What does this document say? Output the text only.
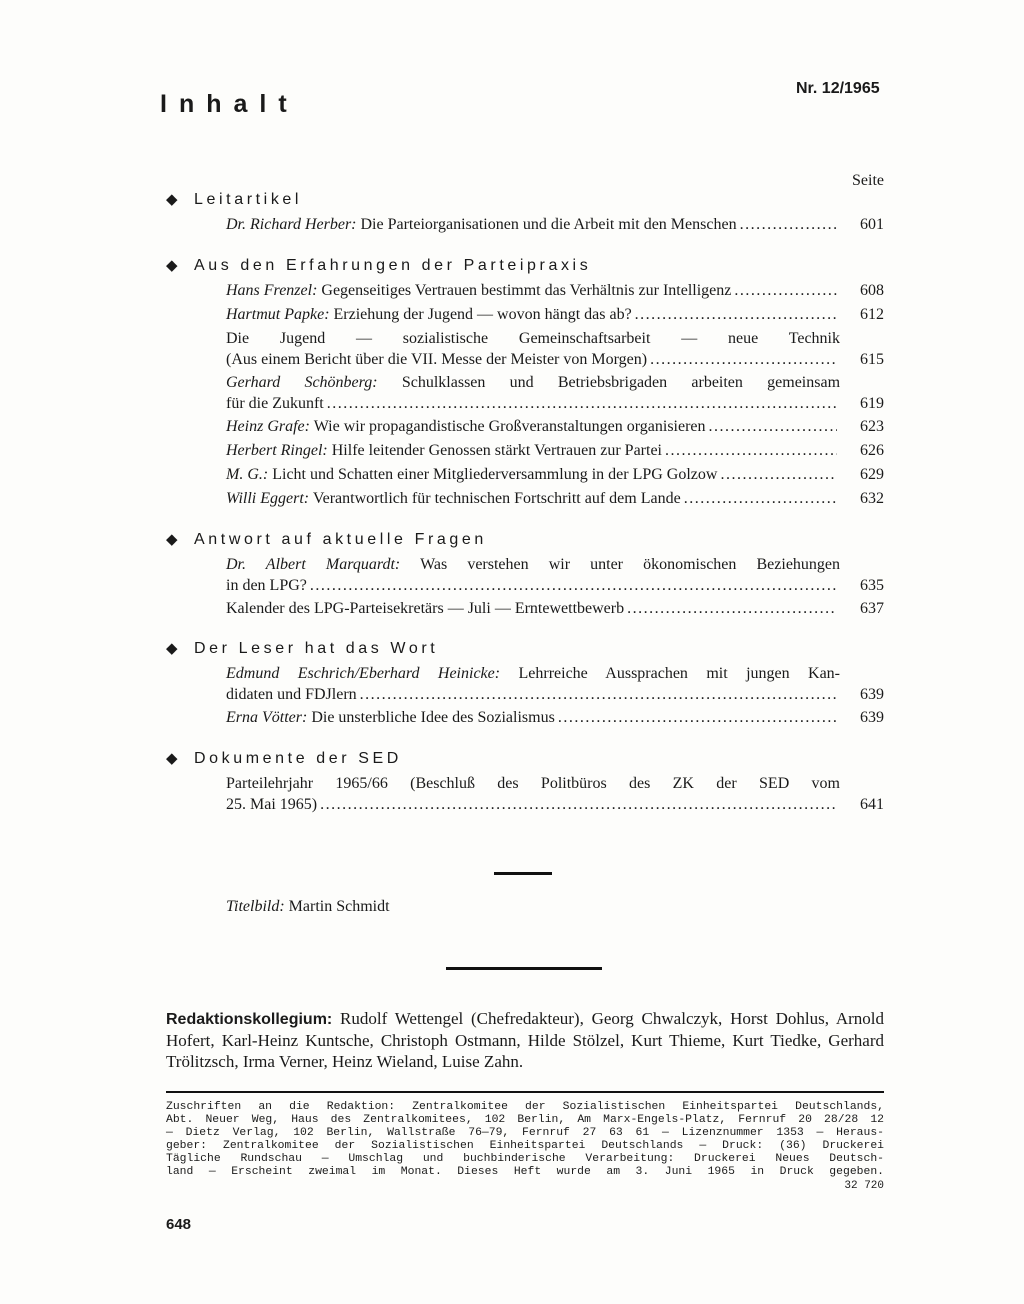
Inhalt
Nr. 12/1965
Seite
◆ Leitartikel
Dr. Richard Herber: Die Parteiorganisationen und die Arbeit mit den Menschen .....	601
◆ Aus den Erfahrungen der Parteipraxis
Hans Frenzel: Gegenseitiges Vertrauen bestimmt das Verhältnis zur Intelligenz .....	608
Hartmut Papke: Erziehung der Jugend — wovon hängt das ab? .....	612
Die Jugend — sozialistische Gemeinschaftsarbeit — neue Technik
(Aus einem Bericht über die VII. Messe der Meister von Morgen) .....	615
Gerhard Schönberg: Schulklassen und Betriebsbrigaden arbeiten gemeinsam
für die Zukunft .....	619
Heinz Grafe: Wie wir propagandistische Großveranstaltungen organisieren .....	623
Herbert Ringel: Hilfe leitender Genossen stärkt Vertrauen zur Partei .....	626
M. G.: Licht und Schatten einer Mitgliederversammlung in der LPG Golzow .....	629
Willi Eggert: Verantwortlich für technischen Fortschritt auf dem Lande .....	632
◆ Antwort auf aktuelle Fragen
Dr. Albert Marquardt: Was verstehen wir unter ökonomischen Beziehungen
in den LPG? .....	635
Kalender des LPG-Parteisekretärs — Juli — Erntewettbewerb .....	637
◆ Der Leser hat das Wort
Edmund Eschrich/Eberhard Heinicke: Lehrreiche Aussprachen mit jungen Kan-
didaten und FDJlern .....	639
Erna Vötter: Die unsterbliche Idee des Sozialismus .....	639
◆ Dokumente der SED
Parteilehrjahr 1965/66 (Beschluß des Politbüros des ZK der SED vom
25. Mai 1965) .....	641
Titelbild: Martin Schmidt
Redaktionskollegium: Rudolf Wettengel (Chefredakteur), Georg Chwalczyk, Horst Dohlus, Arnold Hofert, Karl-Heinz Kuntsche, Christoph Ostmann, Hilde Stölzel, Kurt Thieme, Kurt Tiedke, Gerhard Trölitzsch, Irma Verner, Heinz Wieland, Luise Zahn.
Zuschriften an die Redaktion: Zentralkomitee der Sozialistischen Einheitspartei Deutschlands,
Abt. Neuer Weg, Haus des Zentralkomitees, 102 Berlin, Am Marx-Engels-Platz, Fernruf 20 28/28 12
— Dietz Verlag, 102 Berlin, Wallstraße 76—79, Fernruf 27 63 61 — Lizenznummer 1353 — Heraus-
geber: Zentralkomitee der Sozialistischen Einheitspartei Deutschlands — Druck: (36) Druckerei
Tägliche Rundschau — Umschlag und buchbinderische Verarbeitung: Druckerei Neues Deutsch-
land — Erscheint zweimal im Monat. Dieses Heft wurde am 3. Juni 1965 in Druck gegeben.
32 720
648
